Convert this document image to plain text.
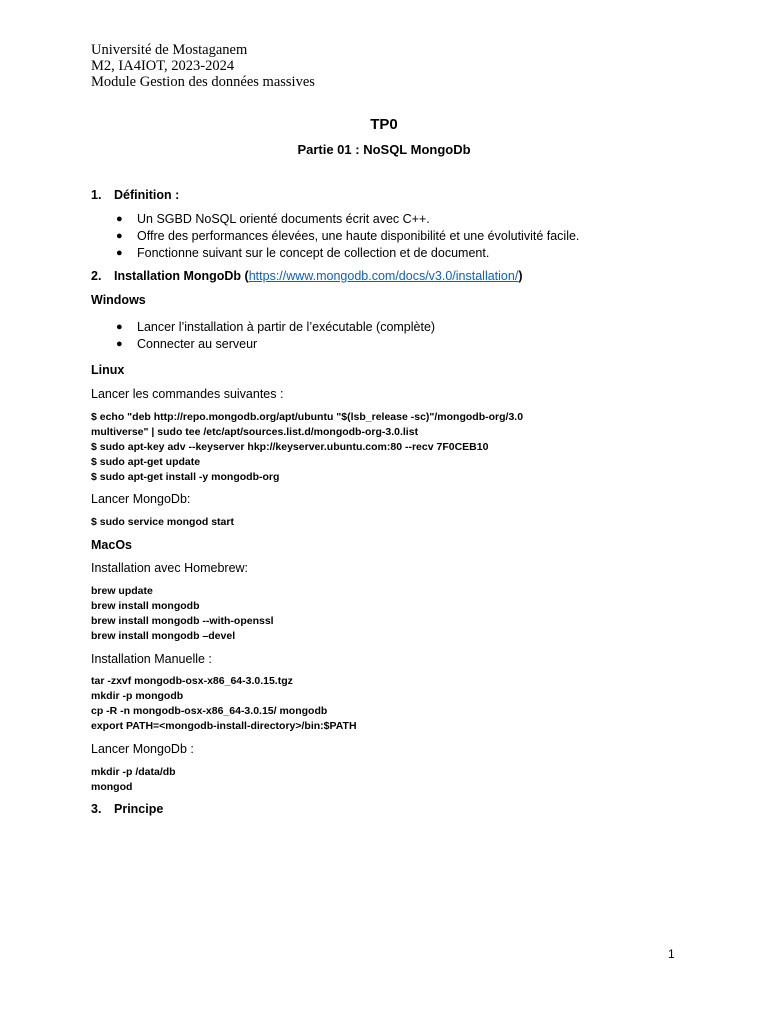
Université de Mostaganem
M2, IA4IOT, 2023-2024
Module Gestion des données massives
TP0
Partie 01 : NoSQL MongoDb
1. Définition :
● Un SGBD NoSQL orienté documents écrit avec C++.
● Offre des performances élevées, une haute disponibilité et une évolutivité facile.
● Fonctionne suivant sur le concept de collection et de document.
2. Installation MongoDb (https://www.mongodb.com/docs/v3.0/installation/)
Windows
● Lancer l’installation à partir de l’exécutable (complète)
● Connecter au serveur
Linux
Lancer les commandes suivantes :
$ echo "deb http://repo.mongodb.org/apt/ubuntu "$(lsb_release -sc)"/mongodb-org/3.0
multiverse" | sudo tee /etc/apt/sources.list.d/mongodb-org-3.0.list
$ sudo apt-key adv --keyserver hkp://keyserver.ubuntu.com:80 --recv 7F0CEB10
$ sudo apt-get update
$ sudo apt-get install -y mongodb-org
Lancer MongoDb:
$ sudo service mongod start
MacOs
Installation avec Homebrew:
brew update
brew install mongodb
brew install mongodb --with-openssl
brew install mongodb –devel
Installation Manuelle :
tar -zxvf mongodb-osx-x86_64-3.0.15.tgz
mkdir -p mongodb
cp -R -n mongodb-osx-x86_64-3.0.15/ mongodb
export PATH=<mongodb-install-directory>/bin:$PATH
Lancer MongoDb :
mkdir -p /data/db
mongod
3. Principe
1
